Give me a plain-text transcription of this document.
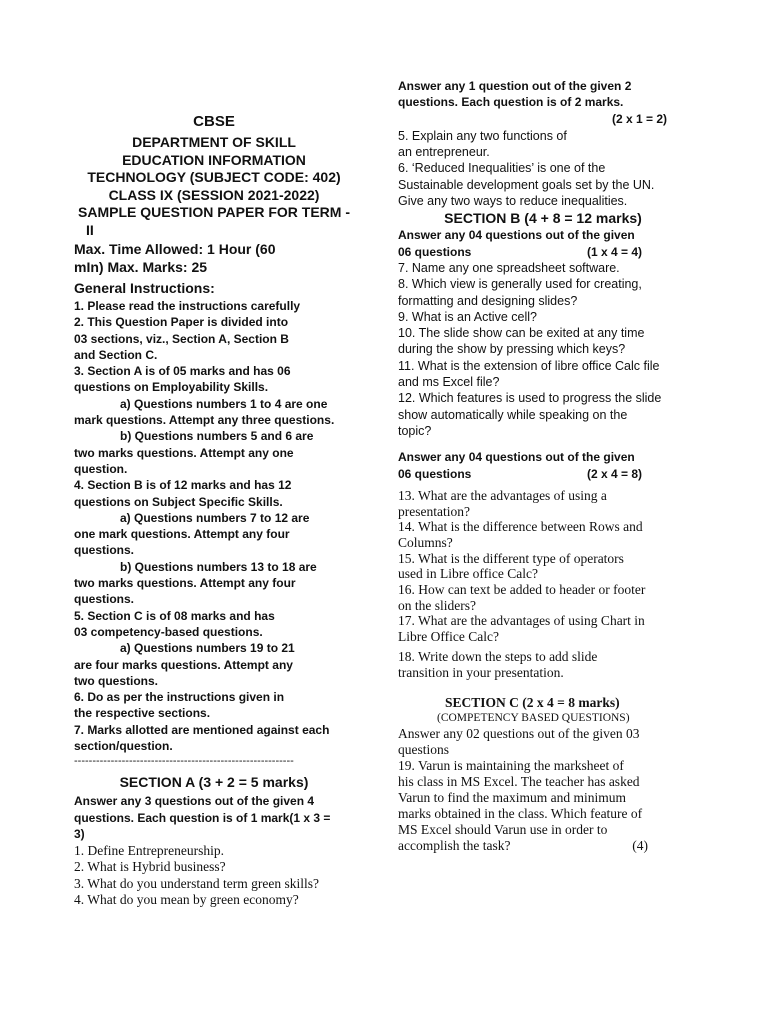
CBSE
DEPARTMENT OF SKILL
EDUCATION INFORMATION
TECHNOLOGY (SUBJECT CODE: 402)
CLASS IX (SESSION 2021-2022)
SAMPLE QUESTION PAPER FOR TERM -
II
Max. Time Allowed: 1 Hour (60
mIn) Max. Marks: 25
General Instructions:
1. Please read the instructions carefully
2. This Question Paper is divided into
03 sections, viz., Section A, Section B
and Section C.
3. Section A is of 05 marks and has 06
questions on Employability Skills.
a) Questions numbers 1 to 4 are one
mark questions. Attempt any three questions.
b) Questions numbers 5 and 6 are
two marks questions. Attempt any one
question.
4. Section B is of 12 marks and has 12
questions on Subject Specific Skills.
a) Questions numbers 7 to 12 are
one mark questions. Attempt any four
questions.
b) Questions numbers 13 to 18 are
two marks questions. Attempt any four
questions.
5. Section C is of 08 marks and has
03 competency-based questions.
a) Questions numbers 19 to 21
are four marks questions. Attempt any
two questions.
6. Do as per the instructions given in
the respective sections.
7. Marks allotted are mentioned against each
section/question.
------------------------------------------------------------
SECTION A (3 + 2 = 5 marks)
Answer any 3 questions out of the given 4
questions. Each question is of 1 mark(1 x 3 =
3)
1. Define Entrepreneurship.
2. What is Hybrid business?
3. What do you understand term green skills?
4. What do you mean by green economy?
Answer any 1 question out of the given 2
questions. Each question is of 2 marks.
(2 x 1 = 2)
5. Explain any two functions of
an entrepreneur.
6. ‘Reduced Inequalities’ is one of the
Sustainable development goals set by the UN.
Give any two ways to reduce inequalities.
SECTION B (4 + 8 = 12 marks)
Answer any 04 questions out of the given
06 questions	(1 x 4 = 4)
7. Name any one spreadsheet software.
8. Which view is generally used for creating,
formatting and designing slides?
9. What is an Active cell?
10. The slide show can be exited at any time
during the show by pressing which keys?
11. What is the extension of libre office Calc file
and ms Excel file?
12. Which features is used to progress the slide
show automatically while speaking on the
topic?
Answer any 04 questions out of the given
06 questions	(2 x 4 = 8)
13. What are the advantages of using a
presentation?
14. What is the difference between Rows and
Columns?
15. What is the different type of operators
used in Libre office Calc?
16. How can text be added to header or footer
on the sliders?
17. What are the advantages of using Chart in
Libre Office Calc?
18. Write down the steps to add slide
transition in your presentation.
SECTION C (2 x 4 = 8 marks)
(COMPETENCY BASED QUESTIONS)
Answer any 02 questions out of the given 03
questions
19. Varun is maintaining the marksheet of
his class in MS Excel. The teacher has asked
Varun to find the maximum and minimum
marks obtained in the class. Which feature of
MS Excel should Varun use in order to
accomplish the task?	(4)
